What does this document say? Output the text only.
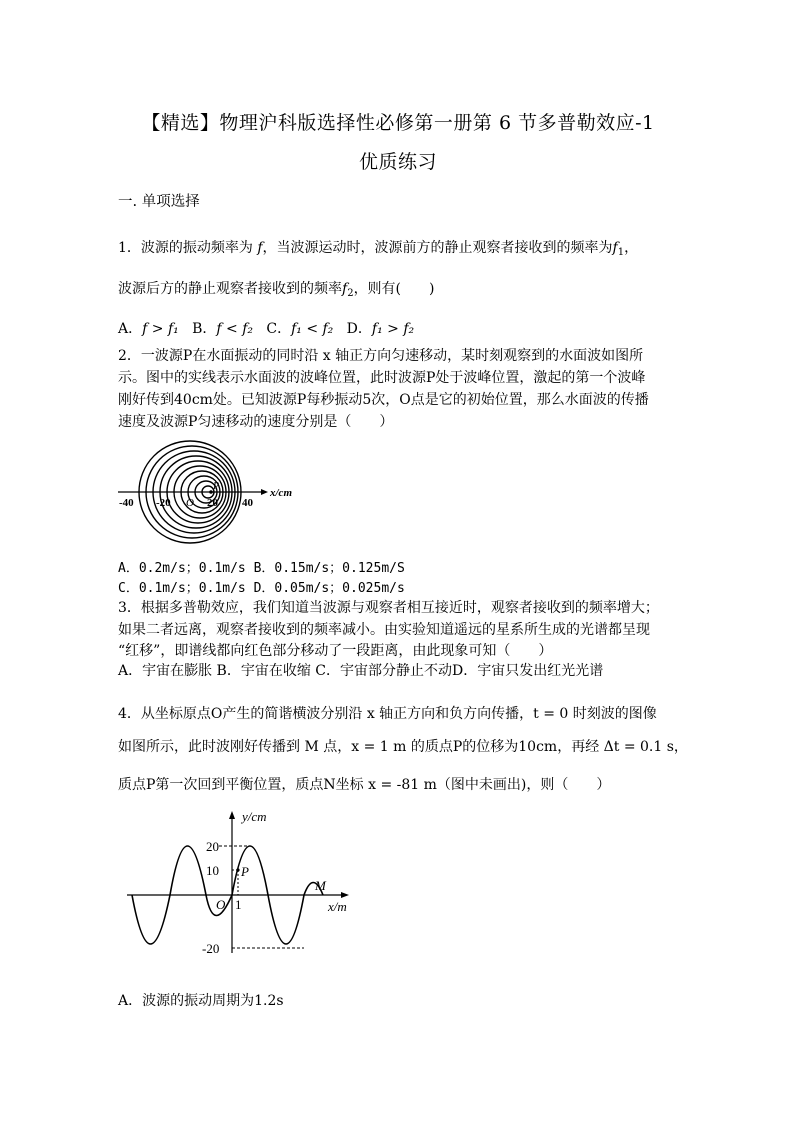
【精选】物理沪科版选择性必修第一册第 6 节多普勒效应-1
优质练习
一. 单项选择
1．波源的振动频率为 f，当波源运动时，波源前方的静止观察者接收到的频率为$f_1$，
波源后方的静止观察者接收到的频率$f_2$，则有(　　)
A．f > f₁ B．f < f₂ C．f₁ < f₂ D．f₁ > f₂
2．一波源P在水面振动的同时沿 x 轴正方向匀速移动，某时刻观察到的水面波如图所
示。图中的实线表示水面波的波峰位置，此时波源P处于波峰位置，激起的第一个波峰
刚好传到40cm处。已知波源P每秒振动5次，O点是它的初始位置，那么水面波的传播
速度及波源P匀速移动的速度分别是（　　）
P
-40 -20 O 20 40
x/cm
A．0.2m/s；0.1m/s B．0.15m/s；0.125m/S
C．0.1m/s；0.1m/s D．0.05m/s；0.025m/s
3．根据多普勒效应，我们知道当波源与观察者相互接近时，观察者接收到的频率增大；
如果二者远离，观察者接收到的频率减小。由实验知道遥远的星系所生成的光谱都呈现
“红移”，即谱线都向红色部分移动了一段距离，由此现象可知（　　）
A．宇宙在膨胀 B．宇宙在收缩 C．宇宙部分静止不动D．宇宙只发出红光光谱
4．从坐标原点O产生的简谐横波分别沿 x 轴正方向和负方向传播，t = 0 时刻波的图像
如图所示，此时波刚好传播到 M 点，x = 1 m 的质点P的位移为10cm，再经 Δt = 0.1 s，
质点P第一次回到平衡位置，质点N坐标 x = -81 m（图中未画出)，则（　　）
y/cm
x/m
20
10
-20
O 1
P
M
A．波源的振动周期为1.2s
